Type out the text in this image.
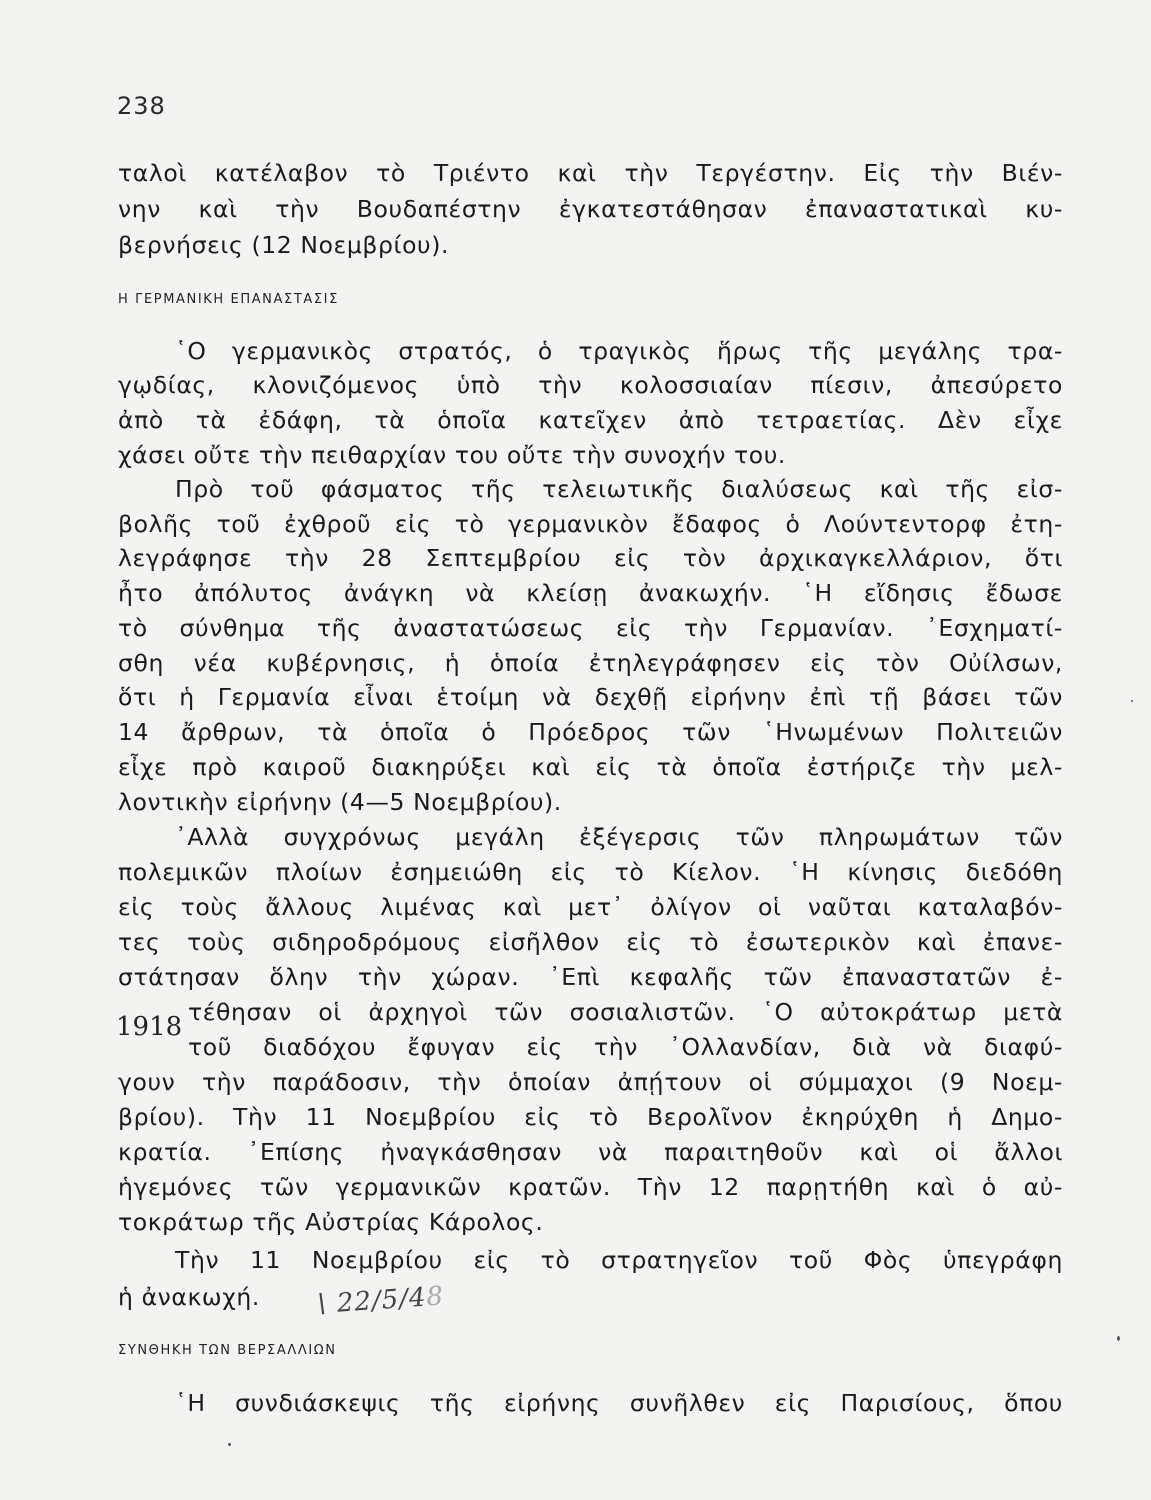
238
ταλοὶ κατέλαβον τὸ Τριέντο καὶ τὴν Τεργέστην. Εἰς τὴν Βιέν-
νην καὶ τὴν Βουδαπέστην ἐγκατεστάθησαν ἐπαναστατικαὶ κυ-
βερνήσεις (12 Νοεμβρίου).
Η ΓΕΡΜΑΝΙΚΗ ΕΠΑΝΑΣΤΑΣΙΣ
῾Ο γερμανικὸς στρατός, ὁ τραγικὸς ἥρως τῆς μεγάλης τρα-
γῳδίας, κλονιζόμενος ὑπὸ τὴν κολοσσιαίαν πίεσιν, ἀπεσύρετο
ἀπὸ τὰ ἐδάφη, τὰ ὁποῖα κατεῖχεν ἀπὸ τετραετίας. Δὲν εἶχε
χάσει οὔτε τὴν πειθαρχίαν του οὔτε τὴν συνοχήν του.
Πρὸ τοῦ φάσματος τῆς τελειωτικῆς διαλύσεως καὶ τῆς εἰσ-
βολῆς τοῦ ἐχθροῦ εἰς τὸ γερμανικὸν ἔδαφος ὁ Λούντεντορφ ἐτη-
λεγράφησε τὴν 28 Σεπτεμβρίου εἰς τὸν ἀρχικαγκελλάριον, ὅτι
ἦτο ἀπόλυτος ἀνάγκη νὰ κλείσῃ ἀνακωχήν. ῾Η εἴδησις ἔδωσε
τὸ σύνθημα τῆς ἀναστατώσεως εἰς τὴν Γερμανίαν. ᾽Εσχηματί-
σθη νέα κυβέρνησις, ἡ ὁποία ἐτηλεγράφησεν εἰς τὸν Οὐίλσων,
ὅτι ἡ Γερμανία εἶναι ἑτοίμη νὰ δεχθῇ εἰρήνην ἐπὶ τῇ βάσει τῶν
14 ἄρθρων, τὰ ὁποῖα ὁ Πρόεδρος τῶν ῾Ηνωμένων Πολιτειῶν
εἶχε πρὸ καιροῦ διακηρύξει καὶ εἰς τὰ ὁποῖα ἐστήριζε τὴν μελ-
λοντικὴν εἰρήνην (4—5 Νοεμβρίου).
᾽Αλλὰ συγχρόνως μεγάλη ἐξέγερσις τῶν πληρωμάτων τῶν
πολεμικῶν πλοίων ἐσημειώθη εἰς τὸ Κίελον. ῾Η κίνησις διεδόθη
εἰς τοὺς ἄλλους λιμένας καὶ μετ᾽ ὀλίγον οἱ ναῦται καταλαβόν-
τες τοὺς σιδηροδρόμους εἰσῆλθον εἰς τὸ ἐσωτερικὸν καὶ ἐπανε-
στάτησαν ὅλην τὴν χώραν. ᾽Επὶ κεφαλῆς τῶν ἐπαναστατῶν ἐ-
1918 τέθησαν οἱ ἀρχηγοὶ τῶν σοσιαλιστῶν. ῾Ο αὐτοκράτωρ μετὰ
τοῦ διαδόχου ἔφυγαν εἰς τὴν ᾽Ολλανδίαν, διὰ νὰ διαφύ-
γουν τὴν παράδοσιν, τὴν ὁποίαν ἀπῄτουν οἱ σύμμαχοι (9 Νοεμ-
βρίου). Τὴν 11 Νοεμβρίου εἰς τὸ Βερολῖνον ἐκηρύχθη ἡ Δημο-
κρατία. ᾽Επίσης ἠναγκάσθησαν νὰ παραιτηθοῦν καὶ οἱ ἄλλοι
ἡγεμόνες τῶν γερμανικῶν κρατῶν. Τὴν 12 παρῃτήθη καὶ ὁ αὐ-
τοκράτωρ τῆς Αὐστρίας Κάρολος.
Τὴν 11 Νοεμβρίου εἰς τὸ στρατηγεῖον τοῦ Φὸς ὑπεγράφη
ἡ ἀνακωχή.	∖ 22/5/48
ΣΥΝΘΗΚΗ ΤΩΝ ΒΕΡΣΑΛΛΙΩΝ
῾Η συνδιάσκεψις τῆς εἰρήνης συνῆλθεν εἰς Παρισίους, ὅπου
